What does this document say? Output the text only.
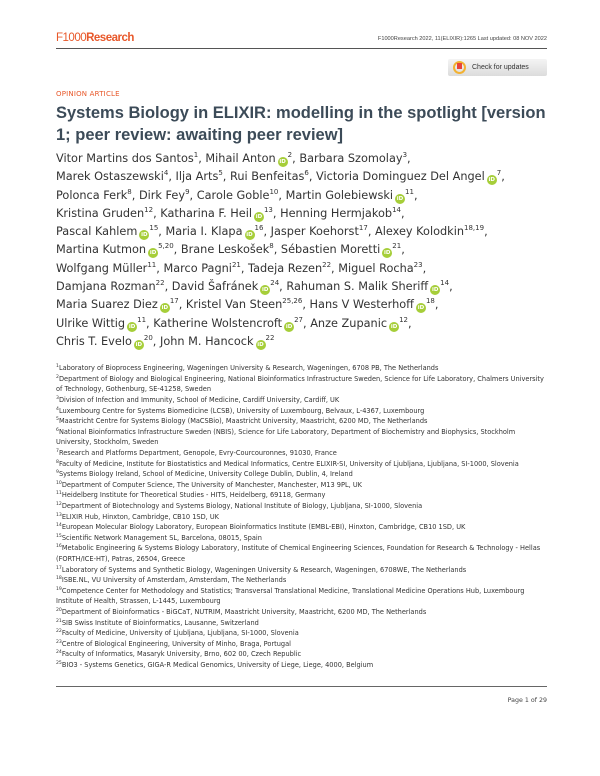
F1000Research	F1000Research 2022, 11(ELIXIR):1265 Last updated: 08 NOV 2022
Check for updates
OPINION ARTICLE
Systems Biology in ELIXIR: modelling in the spotlight [version 1; peer review: awaiting peer review]
Vitor Martins dos Santos$^1$, Mihail Anton $iD^2$, Barbara Szomolay$^3$,
Marek Ostaszewski$^4$, Ilja Arts$^5$, Rui Benfeitas$^6$, Victoria Dominguez Del Angel $iD^7$,
Polonca Ferk$^8$, Dirk Fey$^9$, Carole Goble$^{10}$, Martin Golebiewski $iD^{11}$,
Kristina Gruden$^{12}$, Katharina F. Heil $iD^{13}$, Henning Hermjakob$^{14}$,
Pascal Kahlem $iD^{15}$, Maria I. Klapa $iD^{16}$, Jasper Koehorst$^{17}$, Alexey Kolodkin$^{18,19}$,
Martina Kutmon iD$^{5,20}$, Brane Leskošek$^8$, Sébastien Moretti $iD^{21}$,
Wolfgang Müller$^{11}$, Marco Pagni$^{21}$, Tadeja Rezen$^{22}$, Miguel Rocha$^{23}$,
Damjana Rozman$^{22}$, David Šafránek $iD^{24}$, Rahuman S. Malik Sheriff $iD^{14}$,
Maria Suarez Diez $iD^{17}$, Kristel Van Steen$^{25,26}$, Hans V Westerhoff $iD^{18}$,
Ulrike Wittig $iD^{11}$, Katherine Wolstencroft $iD^{27}$, Anze Zupanic $iD^{12}$,
Chris T. Evelo $iD^{20}$, John M. Hancock $iD^{22}$
$^1$Laboratory of Bioprocess Engineering, Wageningen University & Research, Wageningen, 6708 PB, The Netherlands
$^2$Department of Biology and Biological Engineering, National Bioinformatics Infrastructure Sweden, Science for Life Laboratory, Chalmers University of Technology, Gothenburg, SE-41258, Sweden
$^3$Division of Infection and Immunity, School of Medicine, Cardiff University, Cardiff, UK
$^4$Luxembourg Centre for Systems Biomedicine (LCSB), University of Luxembourg, Belvaux, L-4367, Luxembourg
$^5$Maastricht Centre for Systems Biology (MaCSBio), Maastricht University, Maastricht, 6200 MD, The Netherlands
$^6$National Bioinformatics Infrastructure Sweden (NBIS), Science for Life Laboratory, Department of Biochemistry and Biophysics, Stockholm University, Stockholm, Sweden
$^7$Research and Platforms Department, Genopole, Evry-Courcouronnes, 91030, France
$^8$Faculty of Medicine, Institute for Biostatistics and Medical Informatics, Centre ELIXIR-SI, University of Ljubljana, Ljubljana, SI-1000, Slovenia
$^9$Systems Biology Ireland, School of Medicine, University College Dublin, Dublin, 4, Ireland
$^{10}$Department of Computer Science, The University of Manchester, Manchester, M13 9PL, UK
$^{11}$Heidelberg Institute for Theoretical Studies - HITS, Heidelberg, 69118, Germany
$^{12}$Department of Biotechnology and Systems Biology, National Institute of Biology, Ljubljana, SI-1000, Slovenia
$^{13}$ELIXIR Hub, Hinxton, Cambridge, CB10 1SD, UK
$^{14}$European Molecular Biology Laboratory, European Bioinformatics Institute (EMBL-EBI), Hinxton, Cambridge, CB10 1SD, UK
$^{15}$Scientific Network Management SL, Barcelona, 08015, Spain
$^{16}$Metabolic Engineering & Systems Biology Laboratory, Institute of Chemical Engineering Sciences, Foundation for Research & Technology - Hellas (FORTH/ICE-HT), Patras, 26504, Greece
$^{17}$Laboratory of Systems and Synthetic Biology, Wageningen University & Research, Wageningen, 6708WE, The Netherlands
$^{18}$ISBE.NL, VU University of Amsterdam, Amsterdam, The Netherlands
$^{19}$Competence Center for Methodology and Statistics; Transversal Translational Medicine, Translational Medicine Operations Hub, Luxembourg Institute of Health, Strassen, L-1445, Luxembourg
$^{20}$Department of Bioinformatics - BiGCaT, NUTRIM, Maastricht University, Maastricht, 6200 MD, The Netherlands
$^{21}$SIB Swiss Institute of Bioinformatics, Lausanne, Switzerland
$^{22}$Faculty of Medicine, University of Ljubljana, Ljubljana, SI-1000, Slovenia
$^{23}$Centre of Biological Engineering, University of Minho, Braga, Portugal
$^{24}$Faculty of Informatics, Masaryk University, Brno, 602 00, Czech Republic
$^{25}$BIO3 - Systems Genetics, GIGA-R Medical Genomics, University of Liege, Liege, 4000, Belgium
Page 1 of 29
